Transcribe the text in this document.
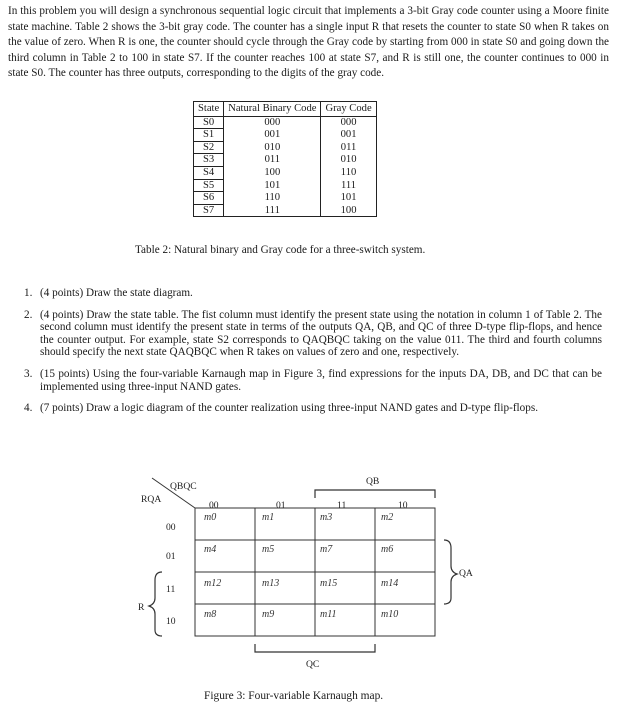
In this problem you will design a synchronous sequential logic circuit that implements a 3-bit Gray code counter using a Moore finite state machine. Table 2 shows the 3-bit gray code. The counter has a single input R that resets the counter to state S0 when R takes on the value of zero. When R is one, the counter should cycle through the Gray code by starting from 000 in state S0 and going down the third column in Table 2 to 100 in state S7. If the counter reaches 100 at state S7, and R is still one, the counter continues to 000 in state S0. The counter has three outputs, corresponding to the digits of the gray code.
State	Natural Binary Code	Gray Code
S0	000	000
S1	001	001
S2	010	011
S3	011	010
S4	100	110
S5	101	111
S6	110	101
S7	111	100
Table 2: Natural binary and Gray code for a three-switch system.
1. (4 points) Draw the state diagram.
2. (4 points) Draw the state table. The fist column must identify the present state using the notation in column 1 of Table 2. The second column must identify the present state in terms of the outputs QA, QB, and QC of three D-type flip-flops, and hence the counter output. For example, state S2 corresponds to QAQBQC taking on the value 011. The third and fourth columns should specify the next state QAQBQC when R takes on values of zero and one, respectively.
3. (15 points) Using the four-variable Karnaugh map in Figure 3, find expressions for the inputs DA, DB, and DC that can be implemented using three-input NAND gates.
4. (7 points) Draw a logic diagram of the counter realization using three-input NAND gates and D-type flip-flops.
RQA
QBQC
00	01	11	10
00
01
11
10
QB
QC
QA
R
m0	m1	m3	m2
m4	m5	m7	m6
m12	m13	m15	m14
m8	m9	m11	m10
Figure 3: Four-variable Karnaugh map.
